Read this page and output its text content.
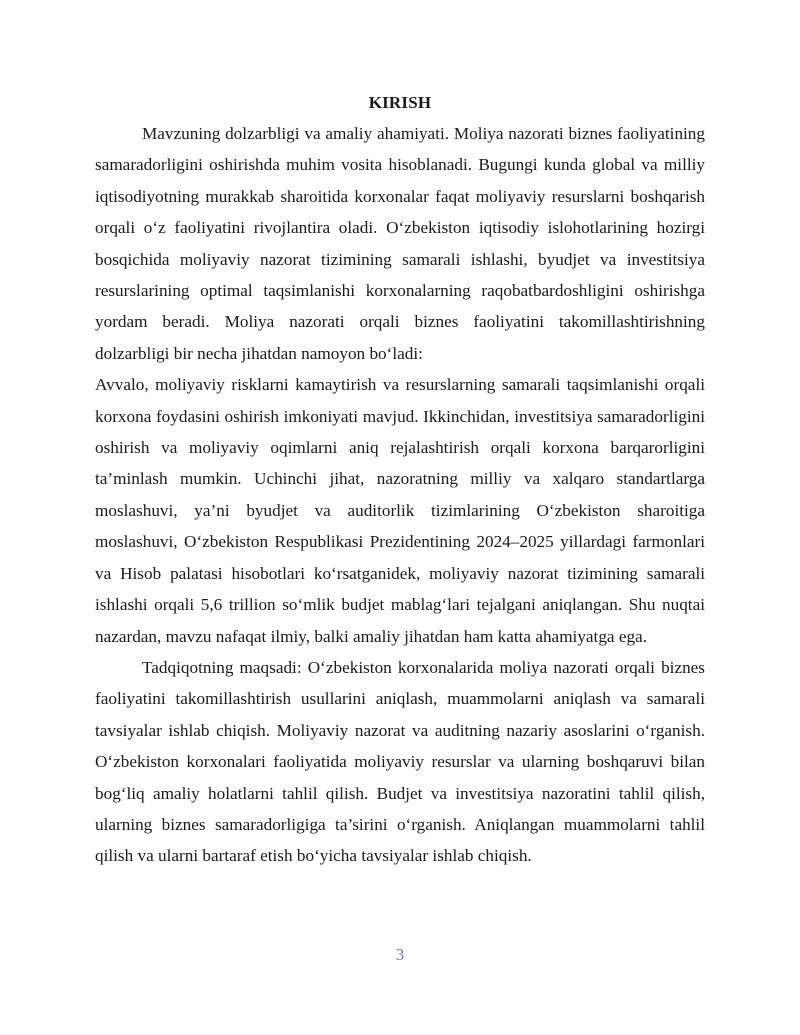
KIRISH

Mavzuning dolzarbligi va amaliy ahamiyati. Moliya nazorati biznes faoliyatining samaradorligini oshirishda muhim vosita hisoblanadi. Bugungi kunda global va milliy iqtisodiyotning murakkab sharoitida korxonalar faqat moliyaviy resurslarni boshqarish orqali o‘z faoliyatini rivojlantira oladi. O‘zbekiston iqtisodiy islohotlarining hozirgi bosqichida moliyaviy nazorat tizimining samarali ishlashi, byudjet va investitsiya resurslarining optimal taqsimlanishi korxonalarning raqobatbardoshligini oshirishga yordam beradi. Moliya nazorati orqali biznes faoliyatini takomillashtirishning dolzarbligi bir necha jihatdan namoyon bo‘ladi:

Avvalo, moliyaviy risklarni kamaytirish va resurslarning samarali taqsimlanishi orqali korxona foydasini oshirish imkoniyati mavjud. Ikkinchidan, investitsiya samaradorligini oshirish va moliyaviy oqimlarni aniq rejalashtirish orqali korxona barqarorligini ta’minlash mumkin. Uchinchi jihat, nazoratning milliy va xalqaro standartlarga moslashuvi, ya’ni byudjet va auditorlik tizimlarining O‘zbekiston sharoitiga moslashuvi, O‘zbekiston Respublikasi Prezidentining 2024–2025 yillardagi farmonlari va Hisob palatasi hisobotlari ko‘rsatganidek, moliyaviy nazorat tizimining samarali ishlashi orqali 5,6 trillion so‘mlik budjet mablag‘lari tejalgani aniqlangan. Shu nuqtai nazardan, mavzu nafaqat ilmiy, balki amaliy jihatdan ham katta ahamiyatga ega.

Tadqiqotning maqsadi: O‘zbekiston korxonalarida moliya nazorati orqali biznes faoliyatini takomillashtirish usullarini aniqlash, muammolarni aniqlash va samarali tavsiyalar ishlab chiqish. Moliyaviy nazorat va auditning nazariy asoslarini o‘rganish. O‘zbekiston korxonalari faoliyatida moliyaviy resurslar va ularning boshqaruvi bilan bog‘liq amaliy holatlarni tahlil qilish. Budjet va investitsiya nazoratini tahlil qilish, ularning biznes samaradorligiga ta’sirini o‘rganish. Aniqlangan muammolarni tahlil qilish va ularni bartaraf etish bo‘yicha tavsiyalar ishlab chiqish.

3
